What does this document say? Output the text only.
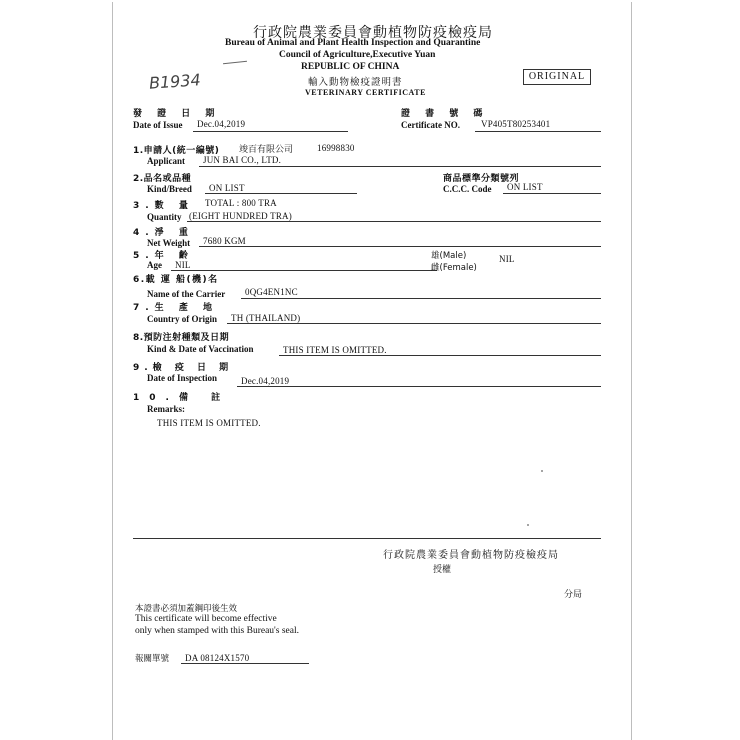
行政院農業委員會動植物防疫檢疫局
Bureau of Animal and Plant Health Inspection and Quarantine
Council of Agriculture,Executive Yuan
REPUBLIC OF CHINA
輸入動物檢疫證明書
VETERINARY CERTIFICATE
B1934	ORIGINAL
發 證 日 期
Date of Issue Dec.04,2019
證 書 號 碼
Certificate NO. VP405T80253401
1.申請人(統一編號) 竣百有限公司	16998830
Applicant JUN BAI CO., LTD.
2.品名或品種
Kind/Breed ON LIST
商品標準分類號列
C.C.C. Code ON LIST
3.數 量 TOTAL : 800 TRA
Quantity (EIGHT HUNDRED TRA)
4.淨 重
Net Weight 7680 KGM
5.年 齡
Age NIL
雄(Male)
雌(Female)
NIL
6.載 運 船(機)名
Name of the Carrier 0QG4EN1NC
7.生 產 地
Country of Origin TH (THAILAND)
8.預防注射種類及日期
Kind & Date of Vaccination	THIS ITEM IS OMITTED.
9.檢 疫 日 期
Date of Inspection	Dec.04,2019
10.備 註
Remarks:
THIS ITEM IS OMITTED.
行政院農業委員會動植物防疫檢疫局
授權
分局
本證書必須加蓋鋼印後生效
This certificate will become effective
only when stamped with this Bureau's seal.
報關單號 DA 08124X1570
